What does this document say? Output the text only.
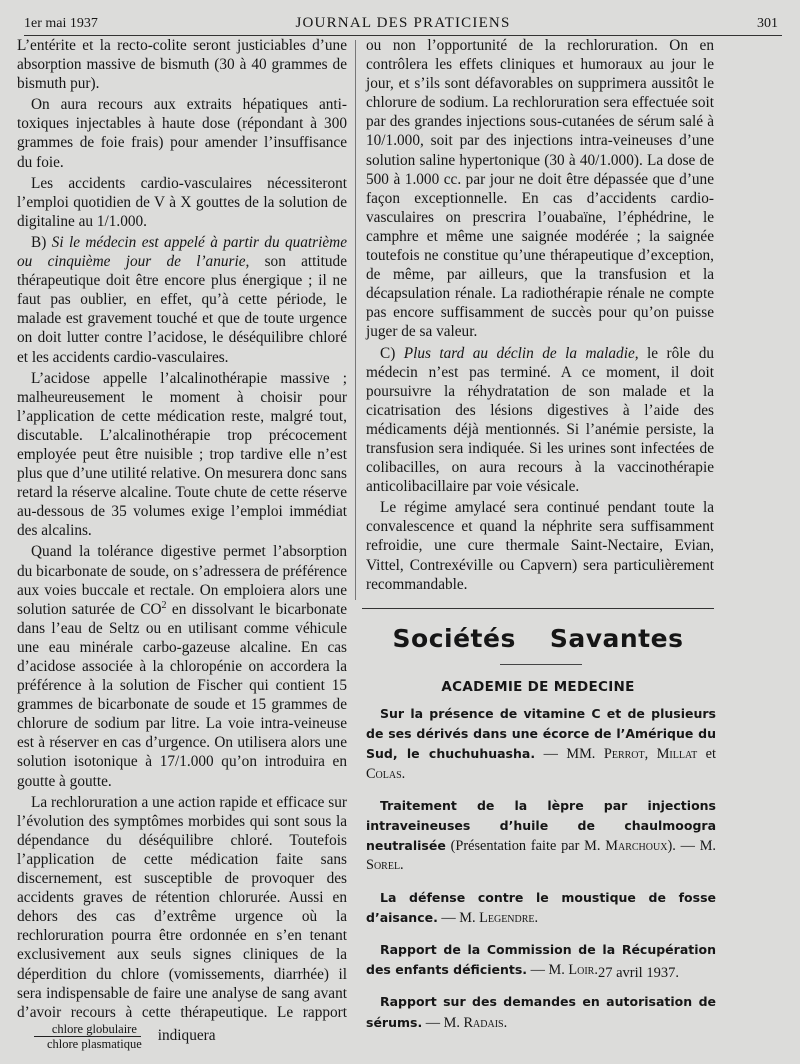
1er mai 1937	JOURNAL DES PRATICIENS	301

L’entérite et la recto-colite seront justiciables d’une absorption massive de bismuth (30 à 40 grammes de bismuth pur).

On aura recours aux extraits hépatiques anti-toxiques injectables à haute dose (répondant à 300 grammes de foie frais) pour amender l’insuffisance du foie.

Les accidents cardio-vasculaires nécessiteront l’emploi quotidien de V à X gouttes de la solution de digitaline au 1/1.000.

B) Si le médecin est appelé à partir du quatrième ou cinquième jour de l’anurie, son attitude thérapeutique doit être encore plus énergique ; il ne faut pas oublier, en effet, qu’à cette période, le malade est gravement touché et que de toute urgence on doit lutter contre l’acidose, le déséquilibre chloré et les accidents cardio-vasculaires.

L’acidose appelle l’alcalinothérapie massive ; malheureusement le moment à choisir pour l’application de cette médication reste, malgré tout, discutable. L’alcalinothérapie trop précocement employée peut être nuisible ; trop tardive elle n’est plus que d’une utilité relative. On mesurera donc sans retard la réserve alcaline. Toute chute de cette réserve au-dessous de 35 volumes exige l’emploi immédiat des alcalins.

Quand la tolérance digestive permet l’absorption du bicarbonate de soude, on s’adressera de préférence aux voies buccale et rectale. On emploiera alors une solution saturée de $CO^2$ en dissolvant le bicarbonate dans l’eau de Seltz ou en utilisant comme véhicule une eau minérale carbo-gazeuse alcaline. En cas d’acidose associée à la chloropénie on accordera la préférence à la solution de Fischer qui contient 15 grammes de bicarbonate de soude et 15 grammes de chlorure de sodium par litre. La voie intra-veineuse est à réserver en cas d’urgence. On utilisera alors une solution isotonique à 17/1.000 qu’on introduira en goutte à goutte.

La rechloruration a une action rapide et efficace sur l’évolution des symptômes morbides qui sont sous la dépendance du déséquilibre chloré. Toutefois l’application de cette médication faite sans discernement, est susceptible de provoquer des accidents graves de rétention chlorurée. Aussi en dehors des cas d’extrême urgence où la rechloruration pourra être ordonnée en s’en tenant exclusivement aux seuls signes cliniques de la déperdition du chlore (vomissements, diarrhée) il sera indispensable de faire une analyse de sang avant d’avoir recours à cette thérapeutique. Le rapport
$\frac{\text{chlore globulaire}}{\text{chlore plasmatique}}$ indiquera

ou non l’opportunité de la rechloruration. On en contrôlera les effets cliniques et humoraux au jour le jour, et s’ils sont défavorables on supprimera aussitôt le chlorure de sodium. La rechloruration sera effectuée soit par des grandes injections sous-cutanées de sérum salé à 10/1.000, soit par des injections intra-veineuses d’une solution saline hypertonique (30 à 40/1.000). La dose de 500 à 1.000 cc. par jour ne doit être dépassée que d’une façon exceptionnelle. En cas d’accidents cardio-vasculaires on prescrira l’ouabaïne, l’éphédrine, le camphre et même une saignée modérée ; la saignée toutefois ne constitue qu’une thérapeutique d’exception, de même, par ailleurs, que la transfusion et la décapsulation rénale. La radiothérapie rénale ne compte pas encore suffisamment de succès pour qu’on puisse juger de sa valeur.

C) Plus tard au déclin de la maladie, le rôle du médecin n’est pas terminé. A ce moment, il doit poursuivre la réhydratation de son malade et la cicatrisation des lésions digestives à l’aide des médicaments déjà mentionnés. Si l’anémie persiste, la transfusion sera indiquée. Si les urines sont infectées de colibacilles, on aura recours à la vaccinothérapie anticolibacillaire par voie vésicale.

Le régime amylacé sera continué pendant toute la convalescence et quand la néphrite sera suffisamment refroidie, une cure thermale Saint-Nectaire, Evian, Vittel, Contrexéville ou Capvern) sera particulièrement recommandable.

Sociétés Savantes
ACADEMIE DE MEDECINE

Sur la présence de vitamine C et de plusieurs de ses dérivés dans une écorce de l’Amérique du Sud, le chuchuhuasha. — MM. Perrot, Millat et Colas.

Traitement de la lèpre par injections intraveineuses d’huile de chaulmoogra neutralisée (Présentation faite par M. Marchoux). — M. Sorel.

La défense contre le moustique de fosse d’aisance. — M. Legendre.

Rapport de la Commission de la Récupération des enfants déficients. — M. Loir.

Rapport sur des demandes en autorisation de sérums. — M. Radais.

27 avril 1937.
